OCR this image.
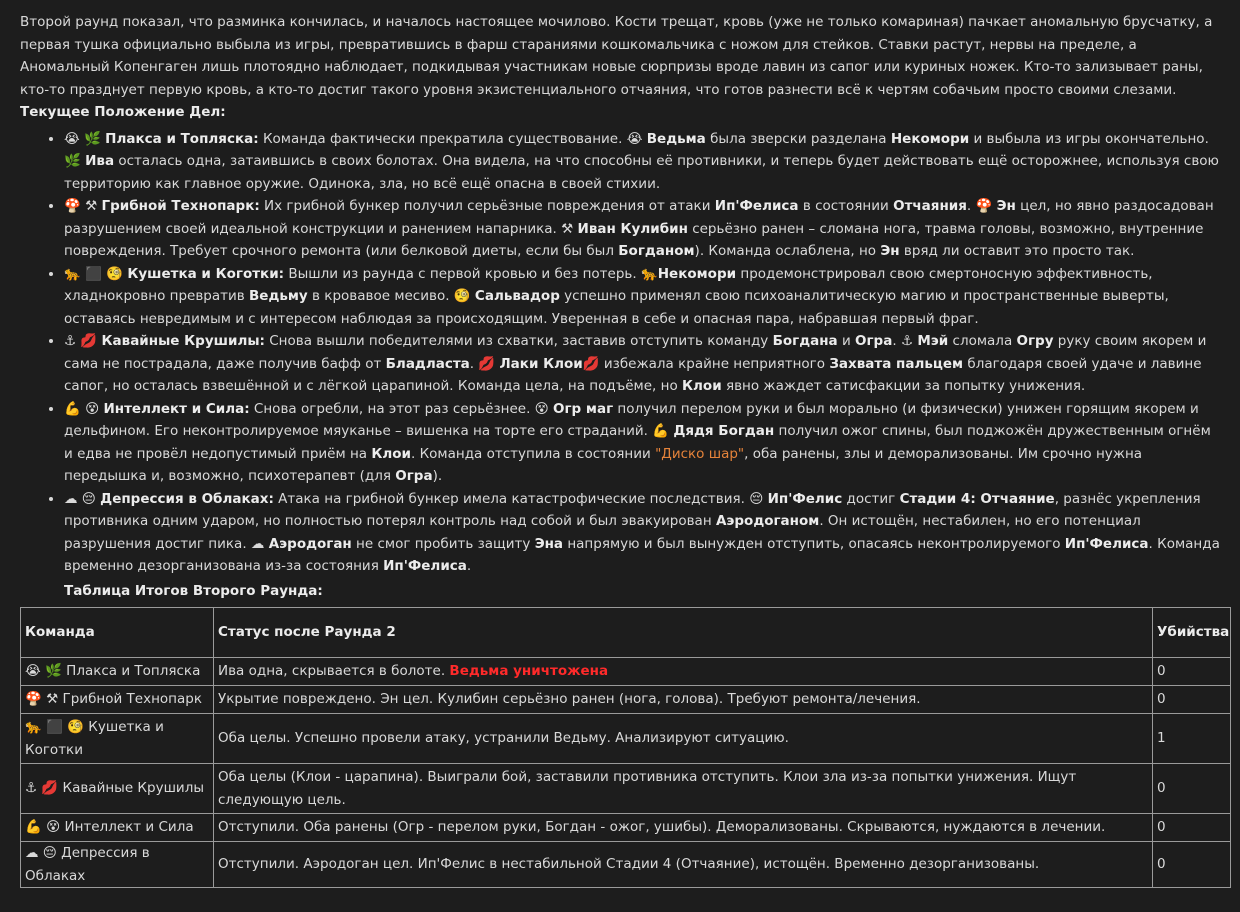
Второй раунд показал, что разминка кончилась, и началось настоящее мочилово. Кости трещат, кровь (уже не только комариная) пачкает аномальную брусчатку, а первая тушка официально выбыла из игры, превратившись в фарш стараниями кошкомальчика с ножом для стейков. Ставки растут, нервы на пределе, а Аномальный Копенгаген лишь плотоядно наблюдает, подкидывая участникам новые сюрпризы вроде лавин из сапог или куриных ножек. Кто-то зализывает раны, кто-то празднует первую кровь, а кто-то достиг такого уровня экзистенциального отчаяния, что готов разнести всё к чертям собачьим просто своими слезами.

Текущее Положение Дел:

• 😭 🌿 Плакса и Топляска: Команда фактически прекратила существование. 😭 Ведьма была зверски разделана Некомори и выбыла из игры окончательно. 🌿 Ива осталась одна, затаившись в своих болотах. Она видела, на что способны её противники, и теперь будет действовать ещё осторожнее, используя свою территорию как главное оружие. Одинока, зла, но всё ещё опасна в своей стихии.
• 🍄 ⚒ Грибной Технопарк: Их грибной бункер получил серьёзные повреждения от атаки Ип'Фелиса в состоянии Отчаяния. 🍄 Эн цел, но явно раздосадован разрушением своей идеальной конструкции и ранением напарника. ⚒ Иван Кулибин серьёзно ранен – сломана нога, травма головы, возможно, внутренние повреждения. Требует срочного ремонта (или белковой диеты, если бы был Богданом). Команда ослаблена, но Эн вряд ли оставит это просто так.
• 🐆 ⬛ 🧐 Кушетка и Коготки: Вышли из раунда с первой кровью и без потерь. 🐆Некомори продемонстрировал свою смертоносную эффективность, хладнокровно превратив Ведьму в кровавое месиво. 🧐 Сальвадор успешно применял свою психоаналитическую магию и пространственные выверты, оставаясь невредимым и с интересом наблюдая за происходящим. Уверенная в себе и опасная пара, набравшая первый фраг.
• ⚓ 💋 Кавайные Крушилы: Снова вышли победителями из схватки, заставив отступить команду Богдана и Огра. ⚓ Мэй сломала Огру руку своим якорем и сама не пострадала, даже получив бафф от Бладласта. 💋 Лаки Клои💋 избежала крайне неприятного Захвата пальцем благодаря своей удаче и лавине сапог, но осталась взвешённой и с лёгкой царапиной. Команда цела, на подъёме, но Клои явно жаждет сатисфакции за попытку унижения.
• 💪 😵 Интеллект и Сила: Снова огребли, на этот раз серьёзнее. 😵 Огр маг получил перелом руки и был морально (и физически) унижен горящим якорем и дельфином. Его неконтролируемое мяуканье – вишенка на торте его страданий. 💪 Дядя Богдан получил ожог спины, был поджожён дружественным огнём и едва не провёл недопустимый приём на Клои. Команда отступила в состоянии "Диско шар", оба ранены, злы и деморализованы. Им срочно нужна передышка и, возможно, психотерапевт (для Огра).
• ☁ 😔 Депрессия в Облаках: Атака на грибной бункер имела катастрофические последствия. 😔 Ип'Фелис достиг Стадии 4: Отчаяние, разнёс укрепления противника одним ударом, но полностью потерял контроль над собой и был эвакуирован Аэродоганом. Он истощён, нестабилен, но его потенциал разрушения достиг пика. ☁ Аэродоган не смог пробить защиту Эна напрямую и был вынужден отступить, опасаясь неконтролируемого Ип'Фелиса. Команда временно дезорганизована из-за состояния Ип'Фелиса.
Таблица Итогов Второго Раунда:
Команда	Статус после Раунда 2	Убийства
😭 🌿 Плакса и Топляска	Ива одна, скрывается в болоте. Ведьма уничтожена	0
🍄 ⚒ Грибной Технопарк	Укрытие повреждено. Эн цел. Кулибин серьёзно ранен (нога, голова). Требуют ремонта/лечения.	0
🐆 ⬛ 🧐 Кушетка и Коготки	Оба целы. Успешно провели атаку, устранили Ведьму. Анализируют ситуацию.	1
⚓ 💋 Кавайные Крушилы	Оба целы (Клои - царапина). Выиграли бой, заставили противника отступить. Клои зла из-за попытки унижения. Ищут следующую цель.	0
💪 😵 Интеллект и Сила	Отступили. Оба ранены (Огр - перелом руки, Богдан - ожог, ушибы). Деморализованы. Скрываются, нуждаются в лечении.	0
☁ 😔 Депрессия в Облаках	Отступили. Аэродоган цел. Ип'Фелис в нестабильной Стадии 4 (Отчаяние), истощён. Временно дезорганизованы.	0
